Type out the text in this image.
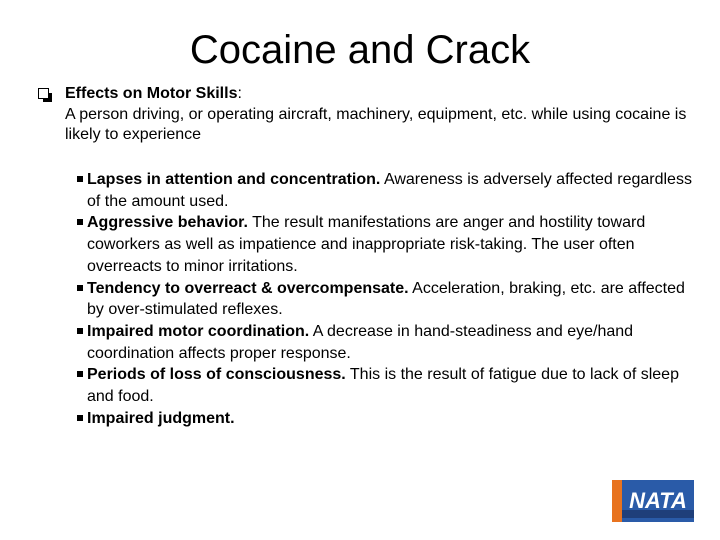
Cocaine and Crack
Effects on Motor Skills:
A person driving, or operating aircraft, machinery, equipment, etc. while using cocaine is likely to experience
Lapses in attention and concentration. Awareness is adversely affected regardless of the amount used.
Aggressive behavior. The result manifestations are anger and hostility toward coworkers as well as impatience and inappropriate risk-taking. The user often overreacts to minor irritations.
Tendency to overreact & overcompensate. Acceleration, braking, etc. are affected by over-stimulated reflexes.
Impaired motor coordination. A decrease in hand-steadiness and eye/hand coordination affects proper response.
Periods of loss of consciousness. This is the result of fatigue due to lack of sleep and food.
Impaired judgment.
NATA
